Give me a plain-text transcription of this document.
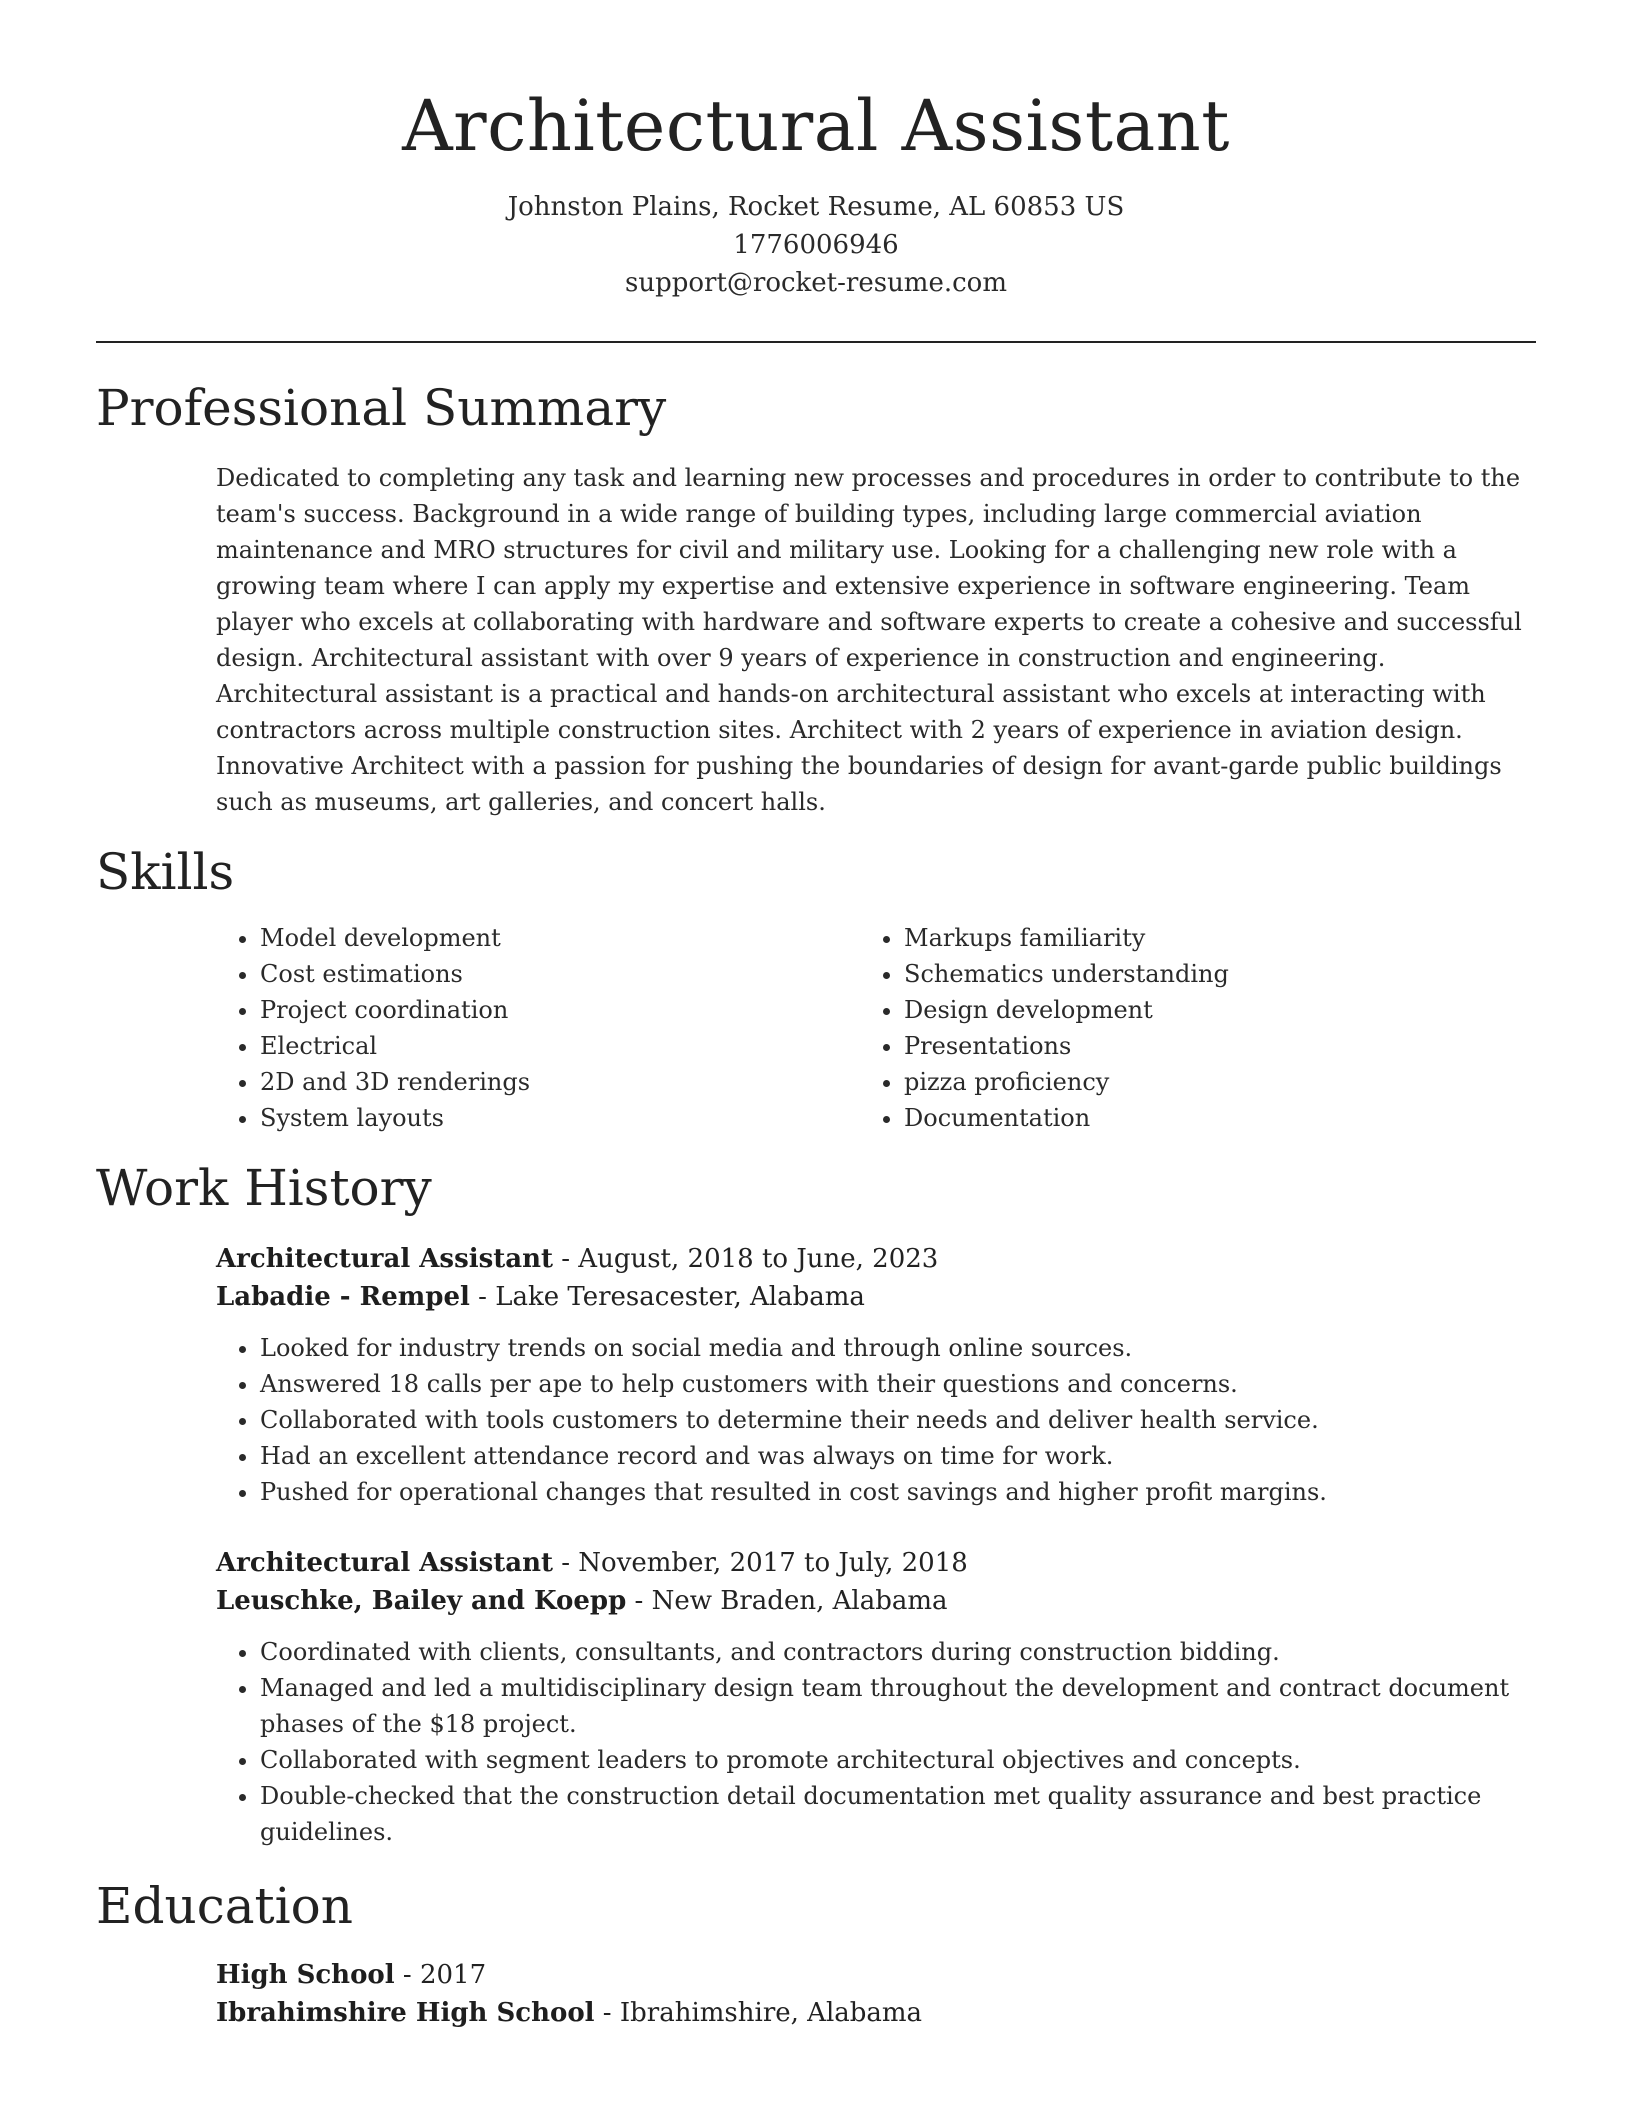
Architectural Assistant
Johnston Plains, Rocket Resume, AL 60853 US
1776006946
support@rocket-resume.com
Professional Summary

Dedicated to completing any task and learning new processes and procedures in order to contribute to the team's success. Background in a wide range of building types, including large commercial aviation maintenance and MRO structures for civil and military use. Looking for a challenging new role with a growing team where I can apply my expertise and extensive experience in software engineering. Team player who excels at collaborating with hardware and software experts to create a cohesive and successful design. Architectural assistant with over 9 years of experience in construction and engineering. Architectural assistant is a practical and hands-on architectural assistant who excels at interacting with contractors across multiple construction sites. Architect with 2 years of experience in aviation design. Innovative Architect with a passion for pushing the boundaries of design for avant-garde public buildings such as museums, art galleries, and concert halls.

Skills
• Model development
• Cost estimations
• Project coordination
• Electrical
• 2D and 3D renderings
• System layouts
• Markups familiarity
• Schematics understanding
• Design development
• Presentations
• pizza proficiency
• Documentation
Work History
Architectural Assistant - August, 2018 to June, 2023
Labadie - Rempel - Lake Teresacester, Alabama
• Looked for industry trends on social media and through online sources.
• Answered 18 calls per ape to help customers with their questions and concerns.
• Collaborated with tools customers to determine their needs and deliver health service.
• Had an excellent attendance record and was always on time for work.
• Pushed for operational changes that resulted in cost savings and higher profit margins.
Architectural Assistant - November, 2017 to July, 2018
Leuschke, Bailey and Koepp - New Braden, Alabama
• Coordinated with clients, consultants, and contractors during construction bidding.
• Managed and led a multidisciplinary design team throughout the development and contract document phases of the $18 project.
• Collaborated with segment leaders to promote architectural objectives and concepts.
• Double-checked that the construction detail documentation met quality assurance and best practice guidelines.
Education
High School - 2017
Ibrahimshire High School - Ibrahimshire, Alabama
